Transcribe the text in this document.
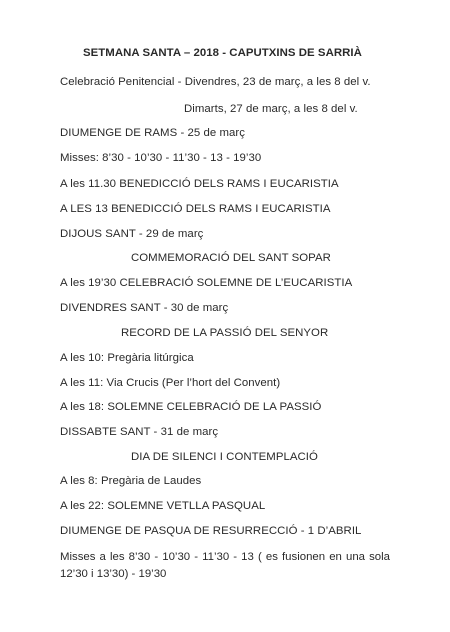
SETMANA SANTA – 2018 - CAPUTXINS DE SARRIÀ
Celebració Penitencial - Divendres, 23 de març, a les 8 del v.
Dimarts, 27 de març, a les 8 del v.
DIUMENGE DE RAMS - 25 de març
Misses: 8’30 - 10’30 - 11’30 - 13 - 19’30
A les 11.30 BENEDICCIÓ DELS RAMS I EUCARISTIA
A LES 13 BENEDICCIÓ DELS RAMS I EUCARISTIA
DIJOUS SANT - 29 de març
COMMEMORACIÓ DEL SANT SOPAR
A les 19’30 CELEBRACIÓ SOLEMNE DE L’EUCARISTIA
DIVENDRES SANT - 30 de març
RECORD DE LA PASSIÓ DEL SENYOR
A les 10: Pregària litúrgica
A les 11: Via Crucis (Per l’hort del Convent)
A les 18: SOLEMNE CELEBRACIÓ DE LA PASSIÓ
DISSABTE SANT - 31 de març
DIA DE SILENCI I CONTEMPLACIÓ
A les 8: Pregària de Laudes
A les 22: SOLEMNE VETLLA PASQUAL
DIUMENGE DE PASQUA DE RESURRECCIÓ - 1 D’ABRIL
Misses a les 8’30 - 10’30 - 11’30 - 13 ( es fusionen en una sola 12’30 i 13’30) - 19’30
